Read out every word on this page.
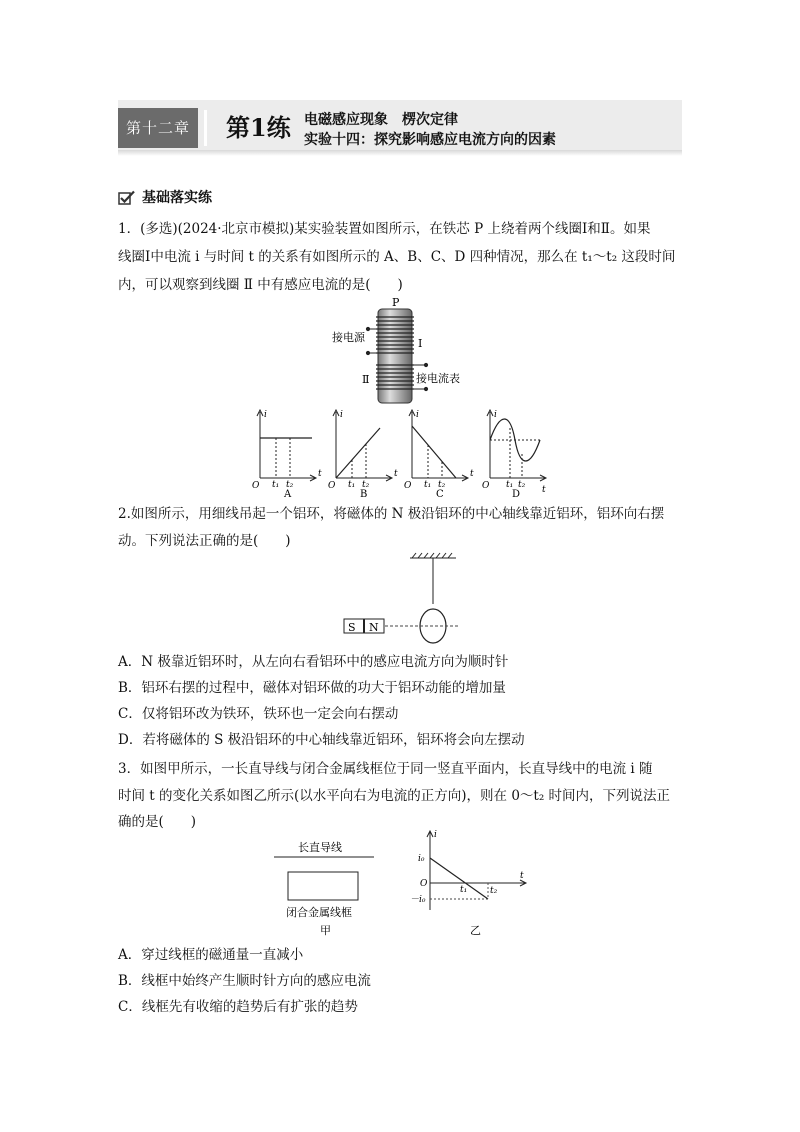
第十二章	第1练 电磁感应现象　楞次定律
实验十四：探究影响感应电流方向的因素
基础落实练

1．(多选)(2024·北京市模拟)某实验装置如图所示，在铁芯 P 上绕着两个线圈Ⅰ和Ⅱ。如果

线圈Ⅰ中电流 i 与时间 t 的关系有如图所示的 A、B、C、D 四种情况，那么在 t₁～t₂ 这段时间

内，可以观察到线圈 Ⅱ 中有感应电流的是(　　)

P
接电源	Ⅰ
Ⅱ	接电流表
i
t
O t₁ t₂
i
t
O t₁ t₂
i
t
O t₁ t₂
i
t
O t₁ t₂
A	B	C	D

2.如图所示，用细线吊起一个铝环，将磁体的 N 极沿铝环的中心轴线靠近铝环，铝环向右摆

动。下列说法正确的是(　　)

S N

A．N 极靠近铝环时，从左向右看铝环中的感应电流方向为顺时针

B．铝环右摆的过程中，磁体对铝环做的功大于铝环动能的增加量

C．仅将铝环改为铁环，铁环也一定会向右摆动

D．若将磁体的 S 极沿铝环的中心轴线靠近铝环，铝环将会向左摆动

3．如图甲所示，一长直导线与闭合金属线框位于同一竖直平面内，长直导线中的电流 i 随

时间 t 的变化关系如图乙所示(以水平向右为电流的正方向)，则在 0～t₂ 时间内，下列说法正

确的是(　　)

长直导线
闭合金属线框
甲
i
t
i₀
O
－i₀
t₁	t₂
乙

A．穿过线框的磁通量一直减小

B．线框中始终产生顺时针方向的感应电流

C．线框先有收缩的趋势后有扩张的趋势
